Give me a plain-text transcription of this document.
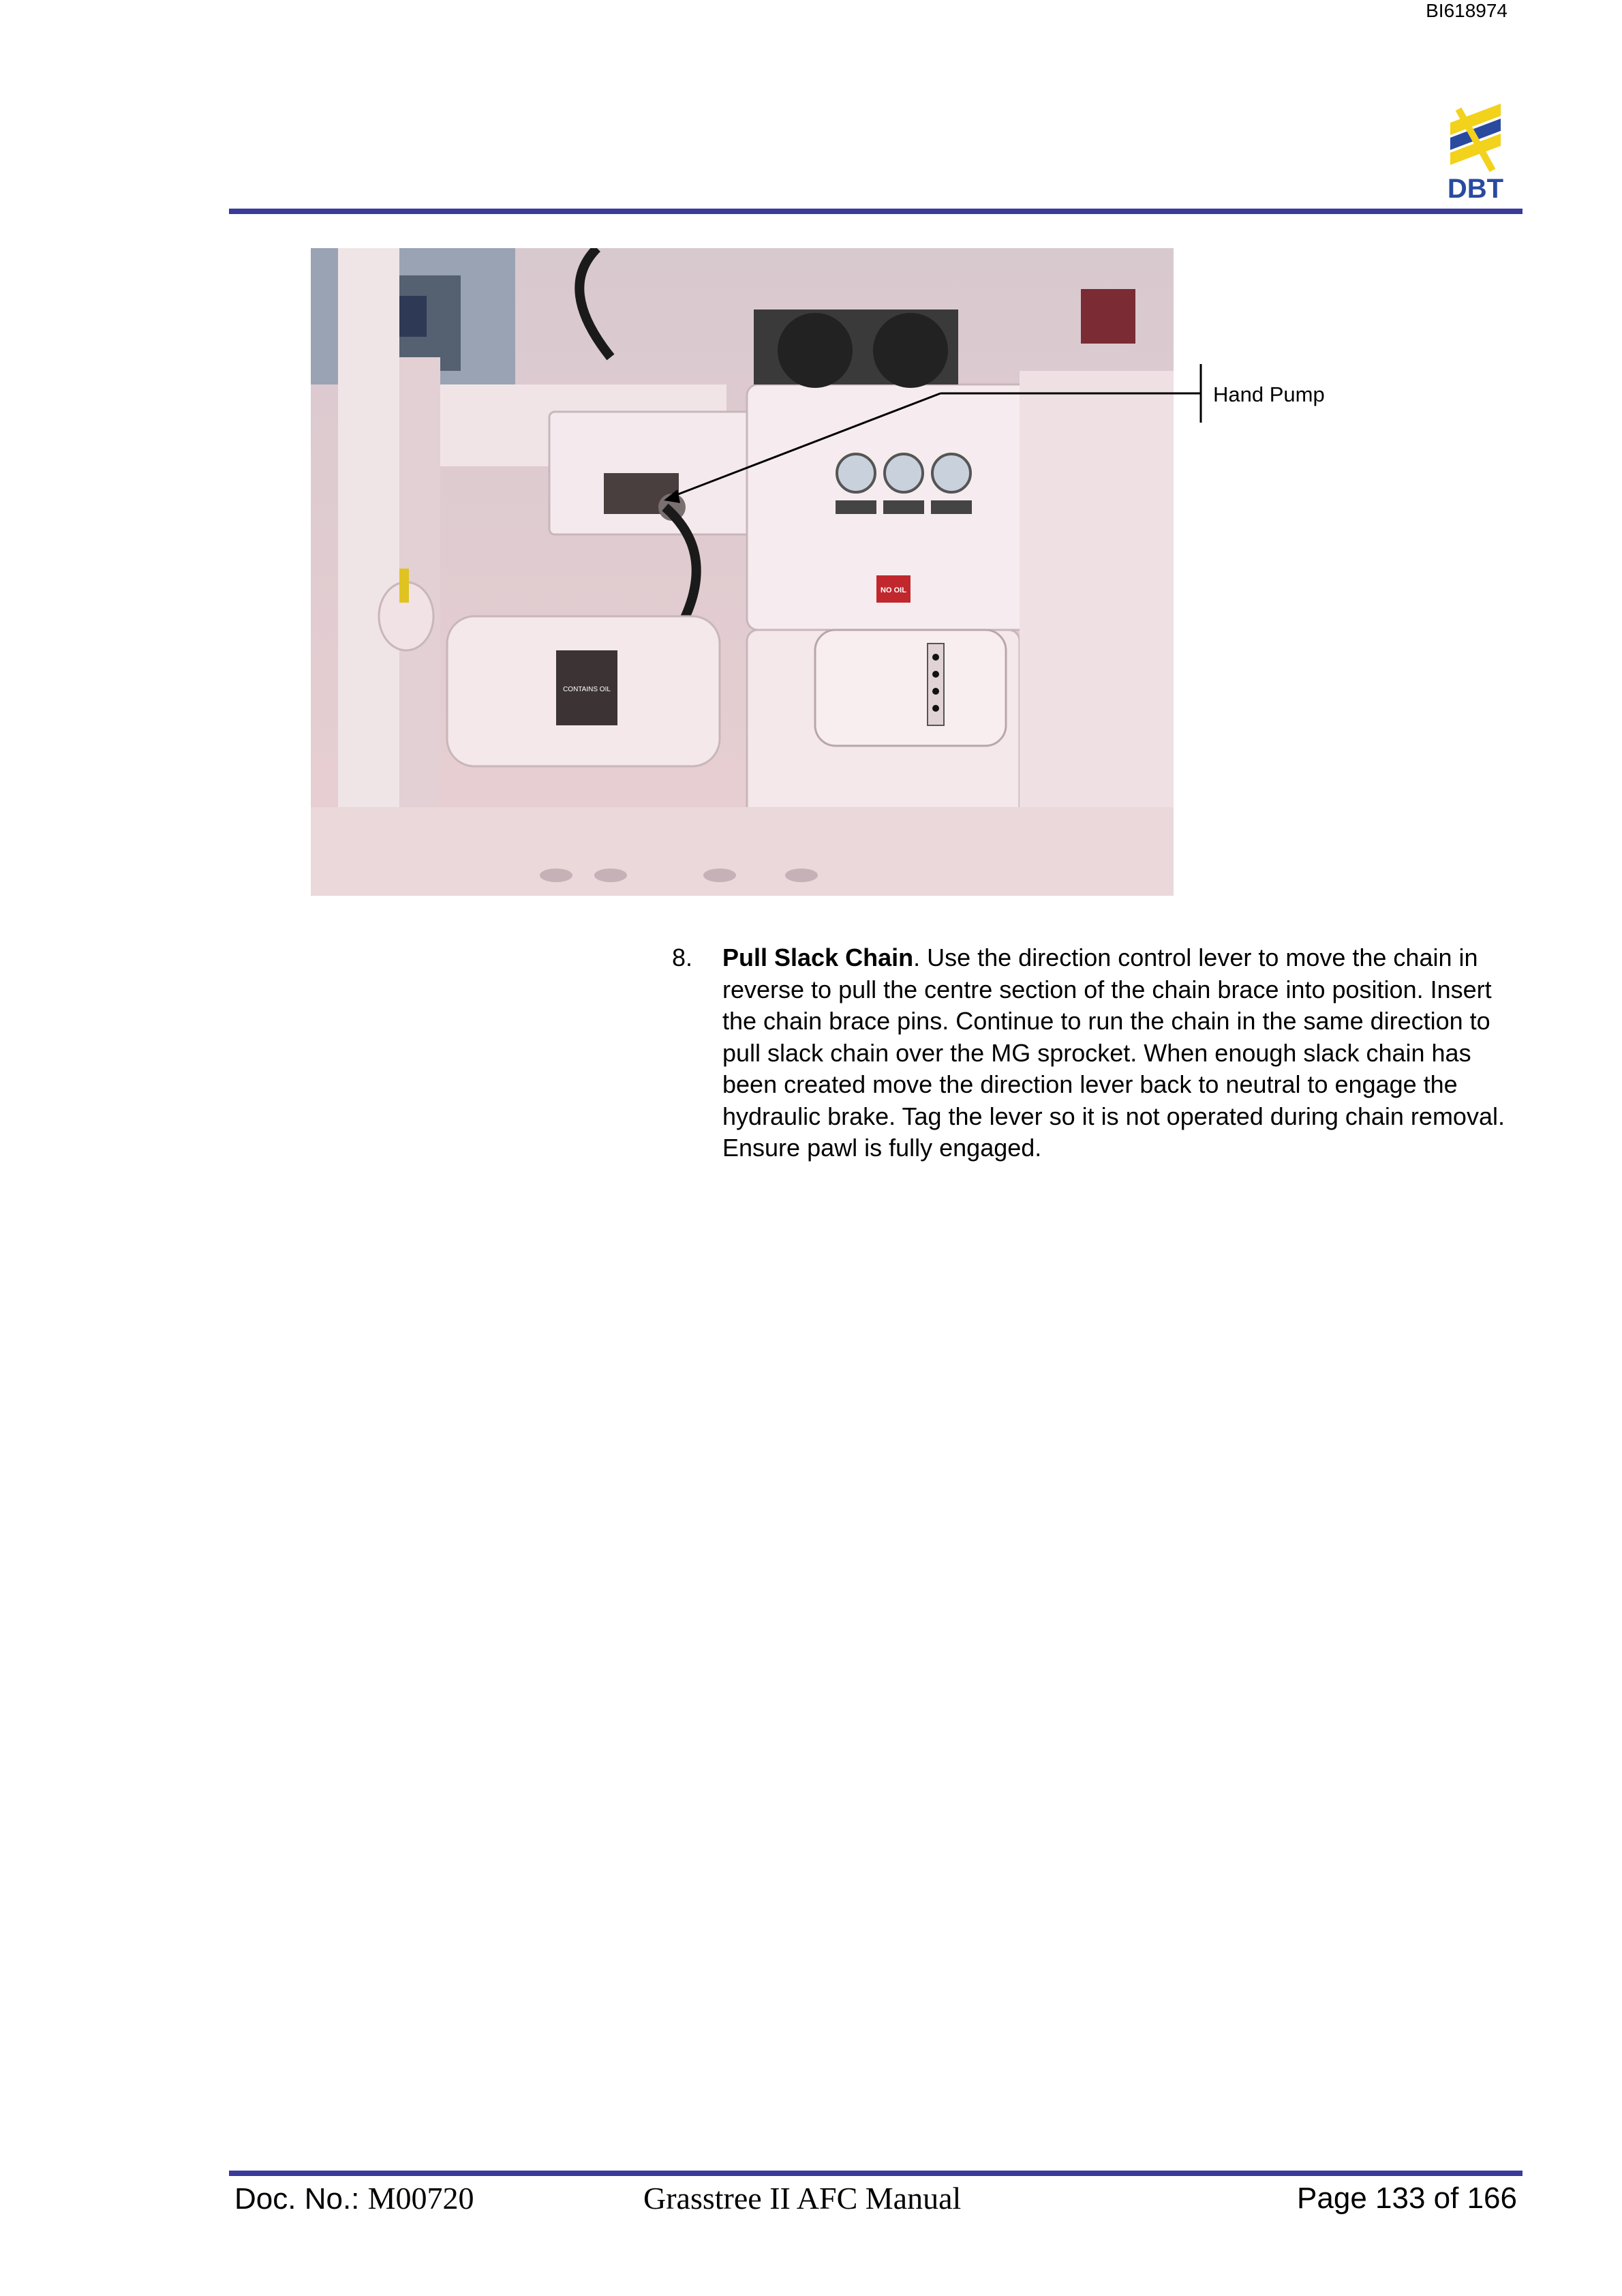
BI618974
DBT
NO OIL
CONTAINS OIL
Hand Pump
8. Pull Slack Chain. Use the direction control lever to move the chain in reverse to pull the centre section of the chain brace into position. Insert the chain brace pins. Continue to run the chain in the same direction to pull slack chain over the MG sprocket. When enough slack chain has been created move the direction lever back to neutral to engage the hydraulic brake. Tag the lever so it is not operated during chain removal. Ensure pawl is fully engaged.
Doc. No.: M00720	Grasstree II AFC Manual	Page 133 of 166
